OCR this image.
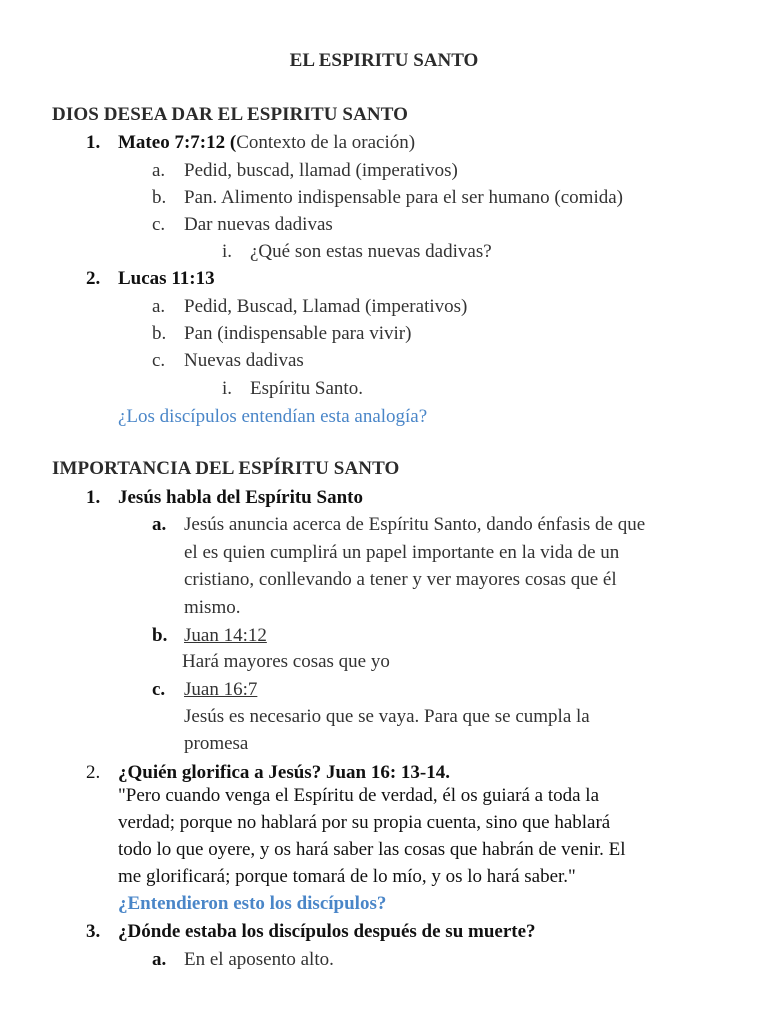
EL ESPIRITU SANTO
DIOS DESEA DAR EL ESPIRITU SANTO
1. Mateo 7:7:12 (Contexto de la oración)
a. Pedid, buscad, llamad (imperativos)
b. Pan. Alimento indispensable para el ser humano (comida)
c. Dar nuevas dadivas
i. ¿Qué son estas nuevas dadivas?
2. Lucas 11:13
a. Pedid, Buscad, Llamad (imperativos)
b. Pan (indispensable para vivir)
c. Nuevas dadivas
i. Espíritu Santo.
¿Los discípulos entendían esta analogía?
IMPORTANCIA DEL ESPÍRITU SANTO
1. Jesús habla del Espíritu Santo
a. Jesús anuncia acerca de Espíritu Santo, dando énfasis de que
el es quien cumplirá un papel importante en la vida de un
cristiano, conllevando a tener y ver mayores cosas que él
mismo.
b. Juan 14:12
Hará mayores cosas que yo
c. Juan 16:7
Jesús es necesario que se vaya. Para que se cumpla la
promesa
2. ¿Quién glorifica a Jesús? Juan 16: 13-14.
"Pero cuando venga el Espíritu de verdad, él os guiará a toda la
verdad; porque no hablará por su propia cuenta, sino que hablará
todo lo que oyere, y os hará saber las cosas que habrán de venir. El
me glorificará; porque tomará de lo mío, y os lo hará saber."
¿Entendieron esto los discípulos?
3. ¿Dónde estaba los discípulos después de su muerte?
a. En el aposento alto.
